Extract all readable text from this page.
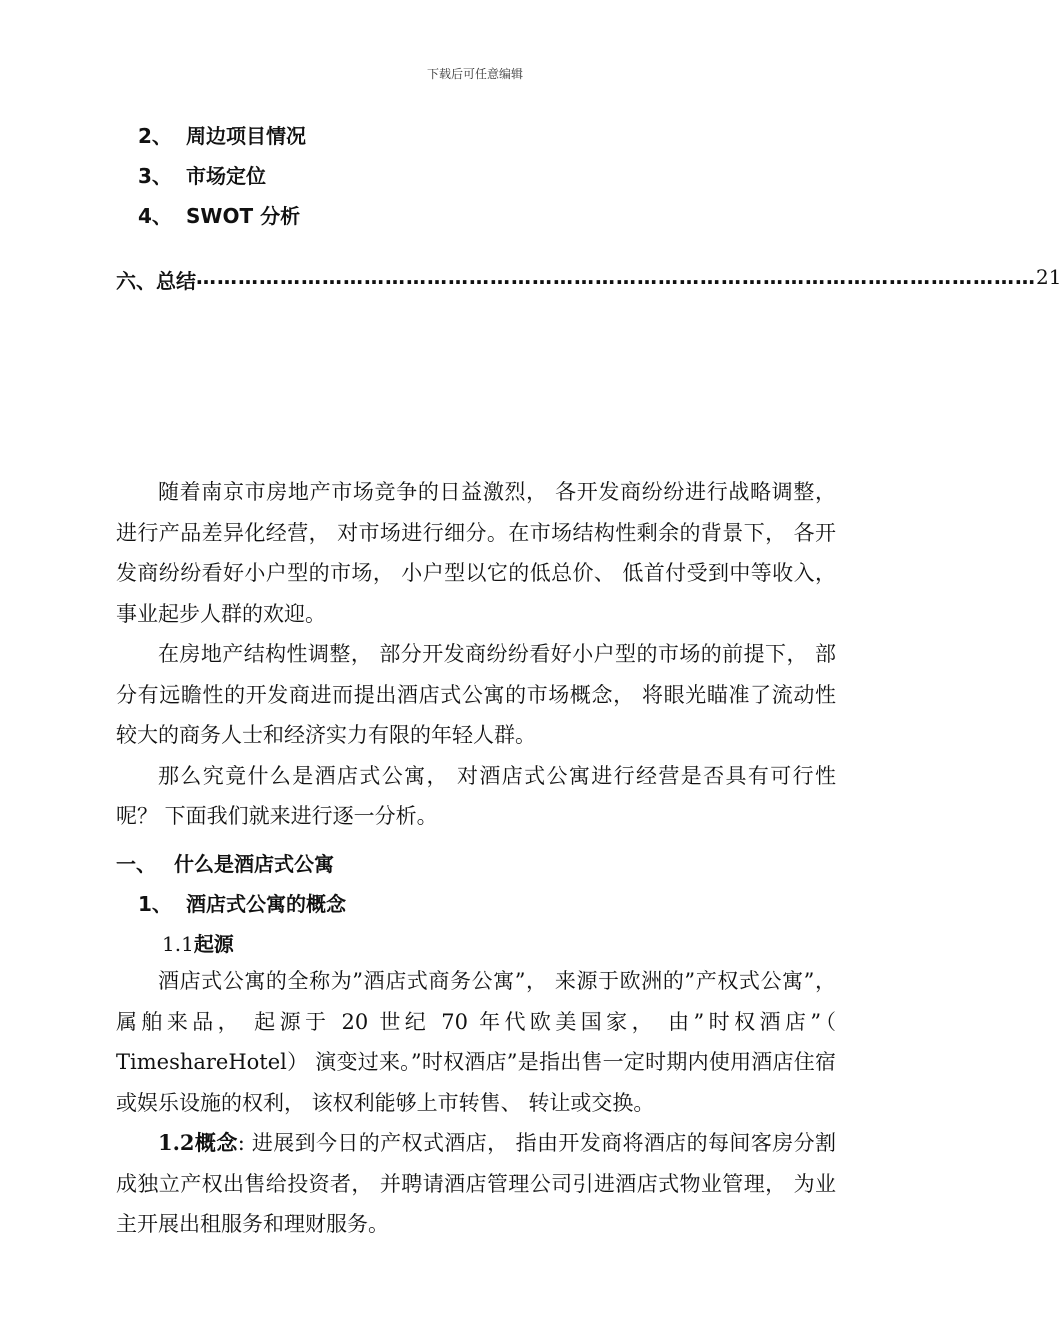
下载后可任意编辑
2、 周边项目情况
3、 市场定位
4、 SWOT 分析
六、 总结 ………………………………………………………………………………………………………… 21

随着南京市房地产市场竞争的日益激烈， 各开发商纷纷进行战略调整， 进行产品差异化经营， 对市场进行细分。在市场结构性剩余的背景下， 各开发商纷纷看好小户型的市场， 小户型以它的低总价、 低首付受到中等收入， 事业起步人群的欢迎。

在房地产结构性调整， 部分开发商纷纷看好小户型的市场的前提下， 部分有远瞻性的开发商进而提出酒店式公寓的市场概念， 将眼光瞄准了流动性较大的商务人士和经济实力有限的年轻人群。

那么究竟什么是酒店式公寓， 对酒店式公寓进行经营是否具有可行性呢？ 下面我们就来进行逐一分析。

一、 什么是酒店式公寓
1、 酒店式公寓的概念
1.1起源

酒店式公寓的全称为”酒店式商务公寓”， 来源于欧洲的”产权式公寓”， 属舶来品， 起源于 20 世纪 70 年代欧美国家， 由”时权酒店”（ TimeshareHotel） 演变过来。”时权酒店”是指出售一定时期内使用酒店住宿或娱乐设施的权利， 该权利能够上市转售、 转让或交换。

1.2概念: 进展到今日的产权式酒店， 指由开发商将酒店的每间客房分割成独立产权出售给投资者， 并聘请酒店管理公司引进酒店式物业管理， 为业主开展出租服务和理财服务。
